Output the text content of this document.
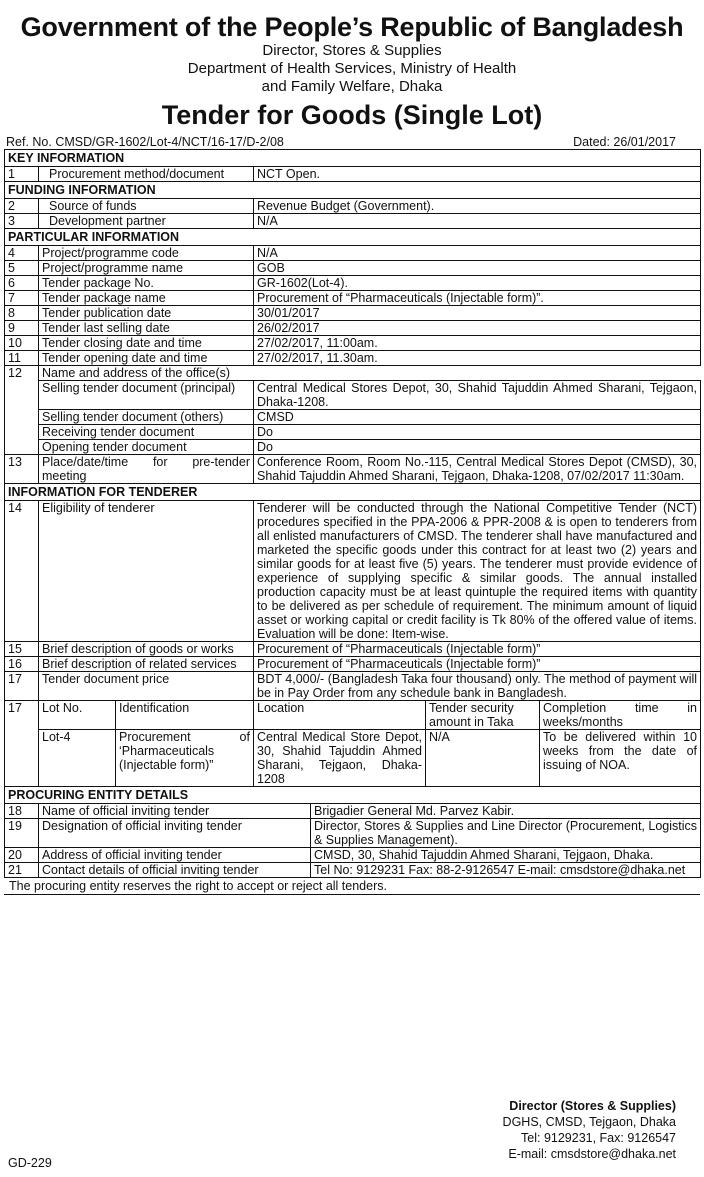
Government of the People’s Republic of Bangladesh
Director, Stores & Supplies
Department of Health Services, Ministry of Health
and Family Welfare, Dhaka
Tender for Goods (Single Lot)
Ref. No. CMSD/GR-1602/Lot-4/NCT/16-17/D-2/08	Dated: 26/01/2017
KEY INFORMATION		
1	Procurement method/document	NCT Open.
FUNDING INFORMATION		
2	Source of funds	Revenue Budget (Government).
3	Development partner	N/A
PARTICULAR INFORMATION		
4	Project/programme code	N/A
5	Project/programme name	GOB
6	Tender package No.	GR-1602(Lot-4).
7	Tender package name	Procurement of “Pharmaceuticals (Injectable form)”.
8	Tender publication date	30/01/2017
9	Tender last selling date	26/02/2017
10	Tender closing date and time	27/02/2017, 11:00am.
11	Tender opening date and time	27/02/2017, 11.30am.
12	Name and address of the office(s)	
	Selling tender document (principal)	Central Medical Stores Depot, 30, Shahid Tajuddin Ahmed Sharani, Tejgaon, Dhaka-1208.
	Selling tender document (others)	CMSD
	Receiving tender document	Do
	Opening tender document	Do
13	Place/date/time for pre-tender meeting	Conference Room, Room No.-115, Central Medical Stores Depot (CMSD), 30, Shahid Tajuddin Ahmed Sharani, Tejgaon, Dhaka-1208, 07/02/2017 11:30am.
INFORMATION FOR TENDERER		
14	Eligibility of tenderer	Tenderer will be conducted through the National Competitive Tender (NCT) procedures specified in the PPA-2006 & PPR-2008 & is open to tenderers from all enlisted manufacturers of CMSD. The tenderer shall have manufactured and marketed the specific goods under this contract for at least two (2) years and similar goods for at least five (5) years. The tenderer must provide evidence of experience of supplying specific & similar goods. The annual installed production capacity must be at least quintuple the required items with quantity to be delivered as per schedule of requirement. The minimum amount of liquid asset or working capital or credit facility is Tk 80% of the offered value of items. Evaluation will be done: Item-wise.
15	Brief description of goods or works	Procurement of “Pharmaceuticals (Injectable form)”
16	Brief description of related services	Procurement of “Pharmaceuticals (Injectable form)”
17	Tender document price	BDT 4,000/- (Bangladesh Taka four thousand) only. The method of payment will be in Pay Order from any schedule bank in Bangladesh.
17	Lot No.	Identification	Location	Tender security amount in Taka	Completion time in weeks/months
	Lot-4	Procurement of ‘Pharmaceuticals (Injectable form)”	Central Medical Store Depot, 30, Shahid Tajuddin Ahmed Sharani, Tejgaon, Dhaka-1208	N/A	To be delivered within 10 weeks from the date of issuing of NOA.
PROCURING ENTITY DETAILS		
18	Name of official inviting tender	Brigadier General Md. Parvez Kabir.
19	Designation of official inviting tender	Director, Stores & Supplies and Line Director (Procurement, Logistics & Supplies Management).
20	Address of official inviting tender	CMSD, 30, Shahid Tajuddin Ahmed Sharani, Tejgaon, Dhaka.
21	Contact details of official inviting tender	Tel No: 9129231 Fax: 88-2-9126547 E-mail: cmsdstore@dhaka.net
The procuring entity reserves the right to accept or reject all tenders.
Director (Stores & Supplies)
DGHS, CMSD, Tejgaon, Dhaka
Tel: 9129231, Fax: 9126547
E-mail: cmsdstore@dhaka.net
GD-229
